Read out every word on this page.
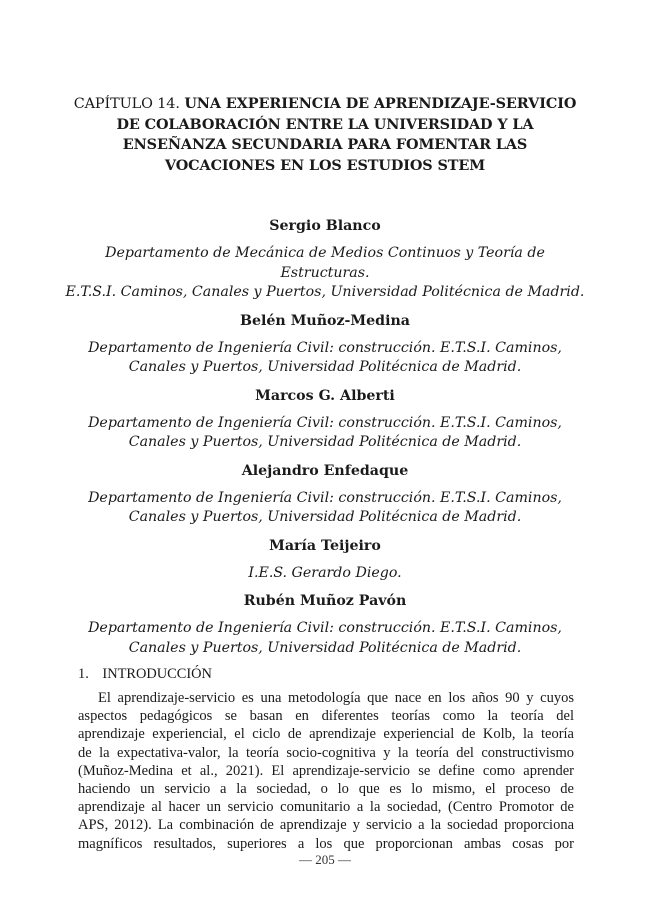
CAPÍTULO 14. UNA EXPERIENCIA DE APRENDIZAJE-SERVICIO
DE COLABORACIÓN ENTRE LA UNIVERSIDAD Y LA
ENSEÑANZA SECUNDARIA PARA FOMENTAR LAS
VOCACIONES EN LOS ESTUDIOS STEM

Sergio Blanco

Departamento de Mecánica de Medios Continuos y Teoría de Estructuras.
E.T.S.I. Caminos, Canales y Puertos, Universidad Politécnica de Madrid.

Belén Muñoz-Medina

Departamento de Ingeniería Civil: construcción. E.T.S.I. Caminos,
Canales y Puertos, Universidad Politécnica de Madrid.

Marcos G. Alberti

Departamento de Ingeniería Civil: construcción. E.T.S.I. Caminos,
Canales y Puertos, Universidad Politécnica de Madrid.

Alejandro Enfedaque

Departamento de Ingeniería Civil: construcción. E.T.S.I. Caminos,
Canales y Puertos, Universidad Politécnica de Madrid.

María Teijeiro

I.E.S. Gerardo Diego.

Rubén Muñoz Pavón

Departamento de Ingeniería Civil: construcción. E.T.S.I. Caminos,
Canales y Puertos, Universidad Politécnica de Madrid.

1. INTRODUCCIÓN
El aprendizaje-servicio es una metodología que nace en los años 90 y cuyos
aspectos pedagógicos se basan en diferentes teorías como la teoría del
aprendizaje experiencial, el ciclo de aprendizaje experiencial de Kolb, la teoría
de la expectativa-valor, la teoría socio-cognitiva y la teoría del constructivismo
(Muñoz-Medina et al., 2021). El aprendizaje-servicio se define como aprender
haciendo un servicio a la sociedad, o lo que es lo mismo, el proceso de
aprendizaje al hacer un servicio comunitario a la sociedad, (Centro Promotor de
APS, 2012). La combinación de aprendizaje y servicio a la sociedad proporciona
magníficos resultados, superiores a los que proporcionan ambas cosas por
— 205 —
